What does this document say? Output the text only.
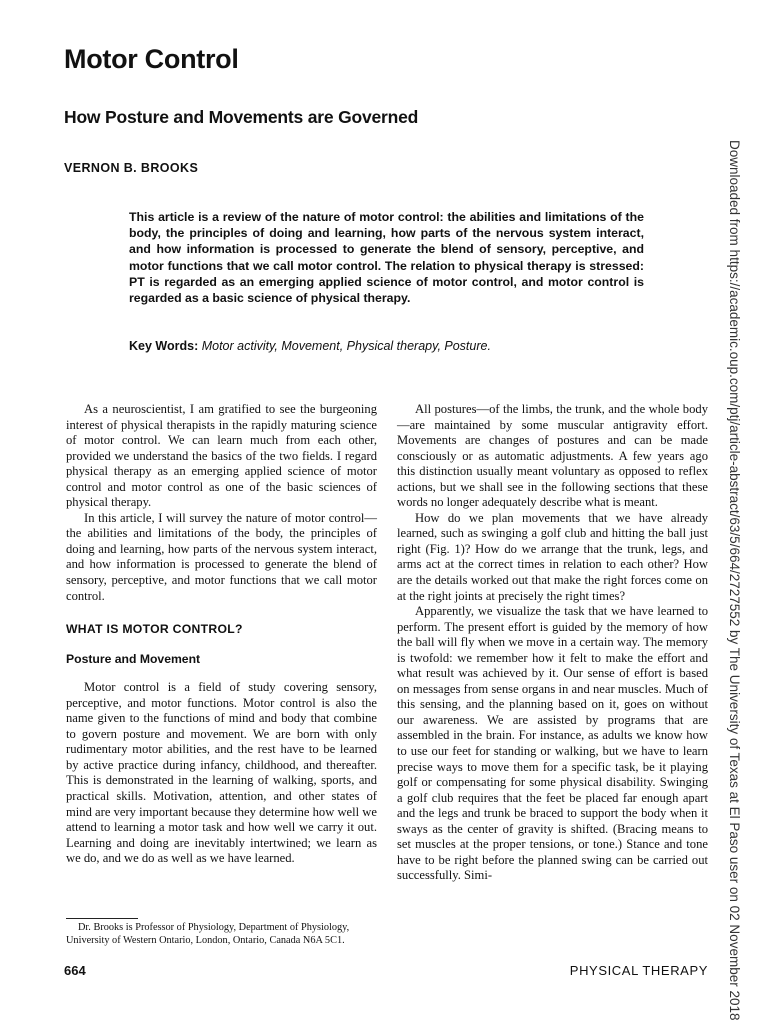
Motor Control
How Posture and Movements are Governed
VERNON B. BROOKS

This article is a review of the nature of motor control: the abilities and limitations of the body, the principles of doing and learning, how parts of the nervous system interact, and how information is processed to generate the blend of sensory, perceptive, and motor functions that we call motor control. The relation to physical therapy is stressed: PT is regarded as an emerging applied science of motor control, and motor control is regarded as a basic science of physical therapy.

Key Words: Motor activity, Movement, Physical therapy, Posture.

As a neuroscientist, I am gratified to see the burgeoning interest of physical therapists in the rapidly maturing science of motor control. We can learn much from each other, provided we understand the basics of the two fields. I regard physical therapy as an emerging applied science of motor control and motor control as one of the basic sciences of physical therapy.

In this article, I will survey the nature of motor control—the abilities and limitations of the body, the principles of doing and learning, how parts of the nervous system interact, and how information is processed to generate the blend of sensory, perceptive, and motor functions that we call motor control.

WHAT IS MOTOR CONTROL?
Posture and Movement

Motor control is a field of study covering sensory, perceptive, and motor functions. Motor control is also the name given to the functions of mind and body that combine to govern posture and movement. We are born with only rudimentary motor abilities, and the rest have to be learned by active practice during infancy, childhood, and thereafter. This is demonstrated in the learning of walking, sports, and practical skills. Motivation, attention, and other states of mind are very important because they determine how well we attend to learning a motor task and how well we carry it out. Learning and doing are inevitably intertwined; we learn as we do, and we do as well as we have learned.

Dr. Brooks is Professor of Physiology, Department of Physiology, University of Western Ontario, London, Ontario, Canada N6A 5C1.

All postures—of the limbs, the trunk, and the whole body—are maintained by some muscular antigravity effort. Movements are changes of postures and can be made consciously or as automatic adjustments. A few years ago this distinction usually meant voluntary as opposed to reflex actions, but we shall see in the following sections that these words no longer adequately describe what is meant.

How do we plan movements that we have already learned, such as swinging a golf club and hitting the ball just right (Fig. 1)? How do we arrange that the trunk, legs, and arms act at the correct times in relation to each other? How are the details worked out that make the right forces come on at the right joints at precisely the right times?

Apparently, we visualize the task that we have learned to perform. The present effort is guided by the memory of how the ball will fly when we move in a certain way. The memory is twofold: we remember how it felt to make the effort and what result was achieved by it. Our sense of effort is based on messages from sense organs in and near muscles. Much of this sensing, and the planning based on it, goes on without our awareness. We are assisted by programs that are assembled in the brain. For instance, as adults we know how to use our feet for standing or walking, but we have to learn precise ways to move them for a specific task, be it playing golf or compensating for some physical disability. Swinging a golf club requires that the feet be placed far enough apart and the legs and trunk be braced to support the body when it sways as the center of gravity is shifted. (Bracing means to set muscles at the proper tensions, or tone.) Stance and tone have to be right before the planned swing can be carried out successfully. Simi-

664	PHYSICAL THERAPY Downloaded from https://academic.oup.com/ptj/article-abstract/63/5/664/2727552 by The University of Texas at El Paso user on 02 November 2018
